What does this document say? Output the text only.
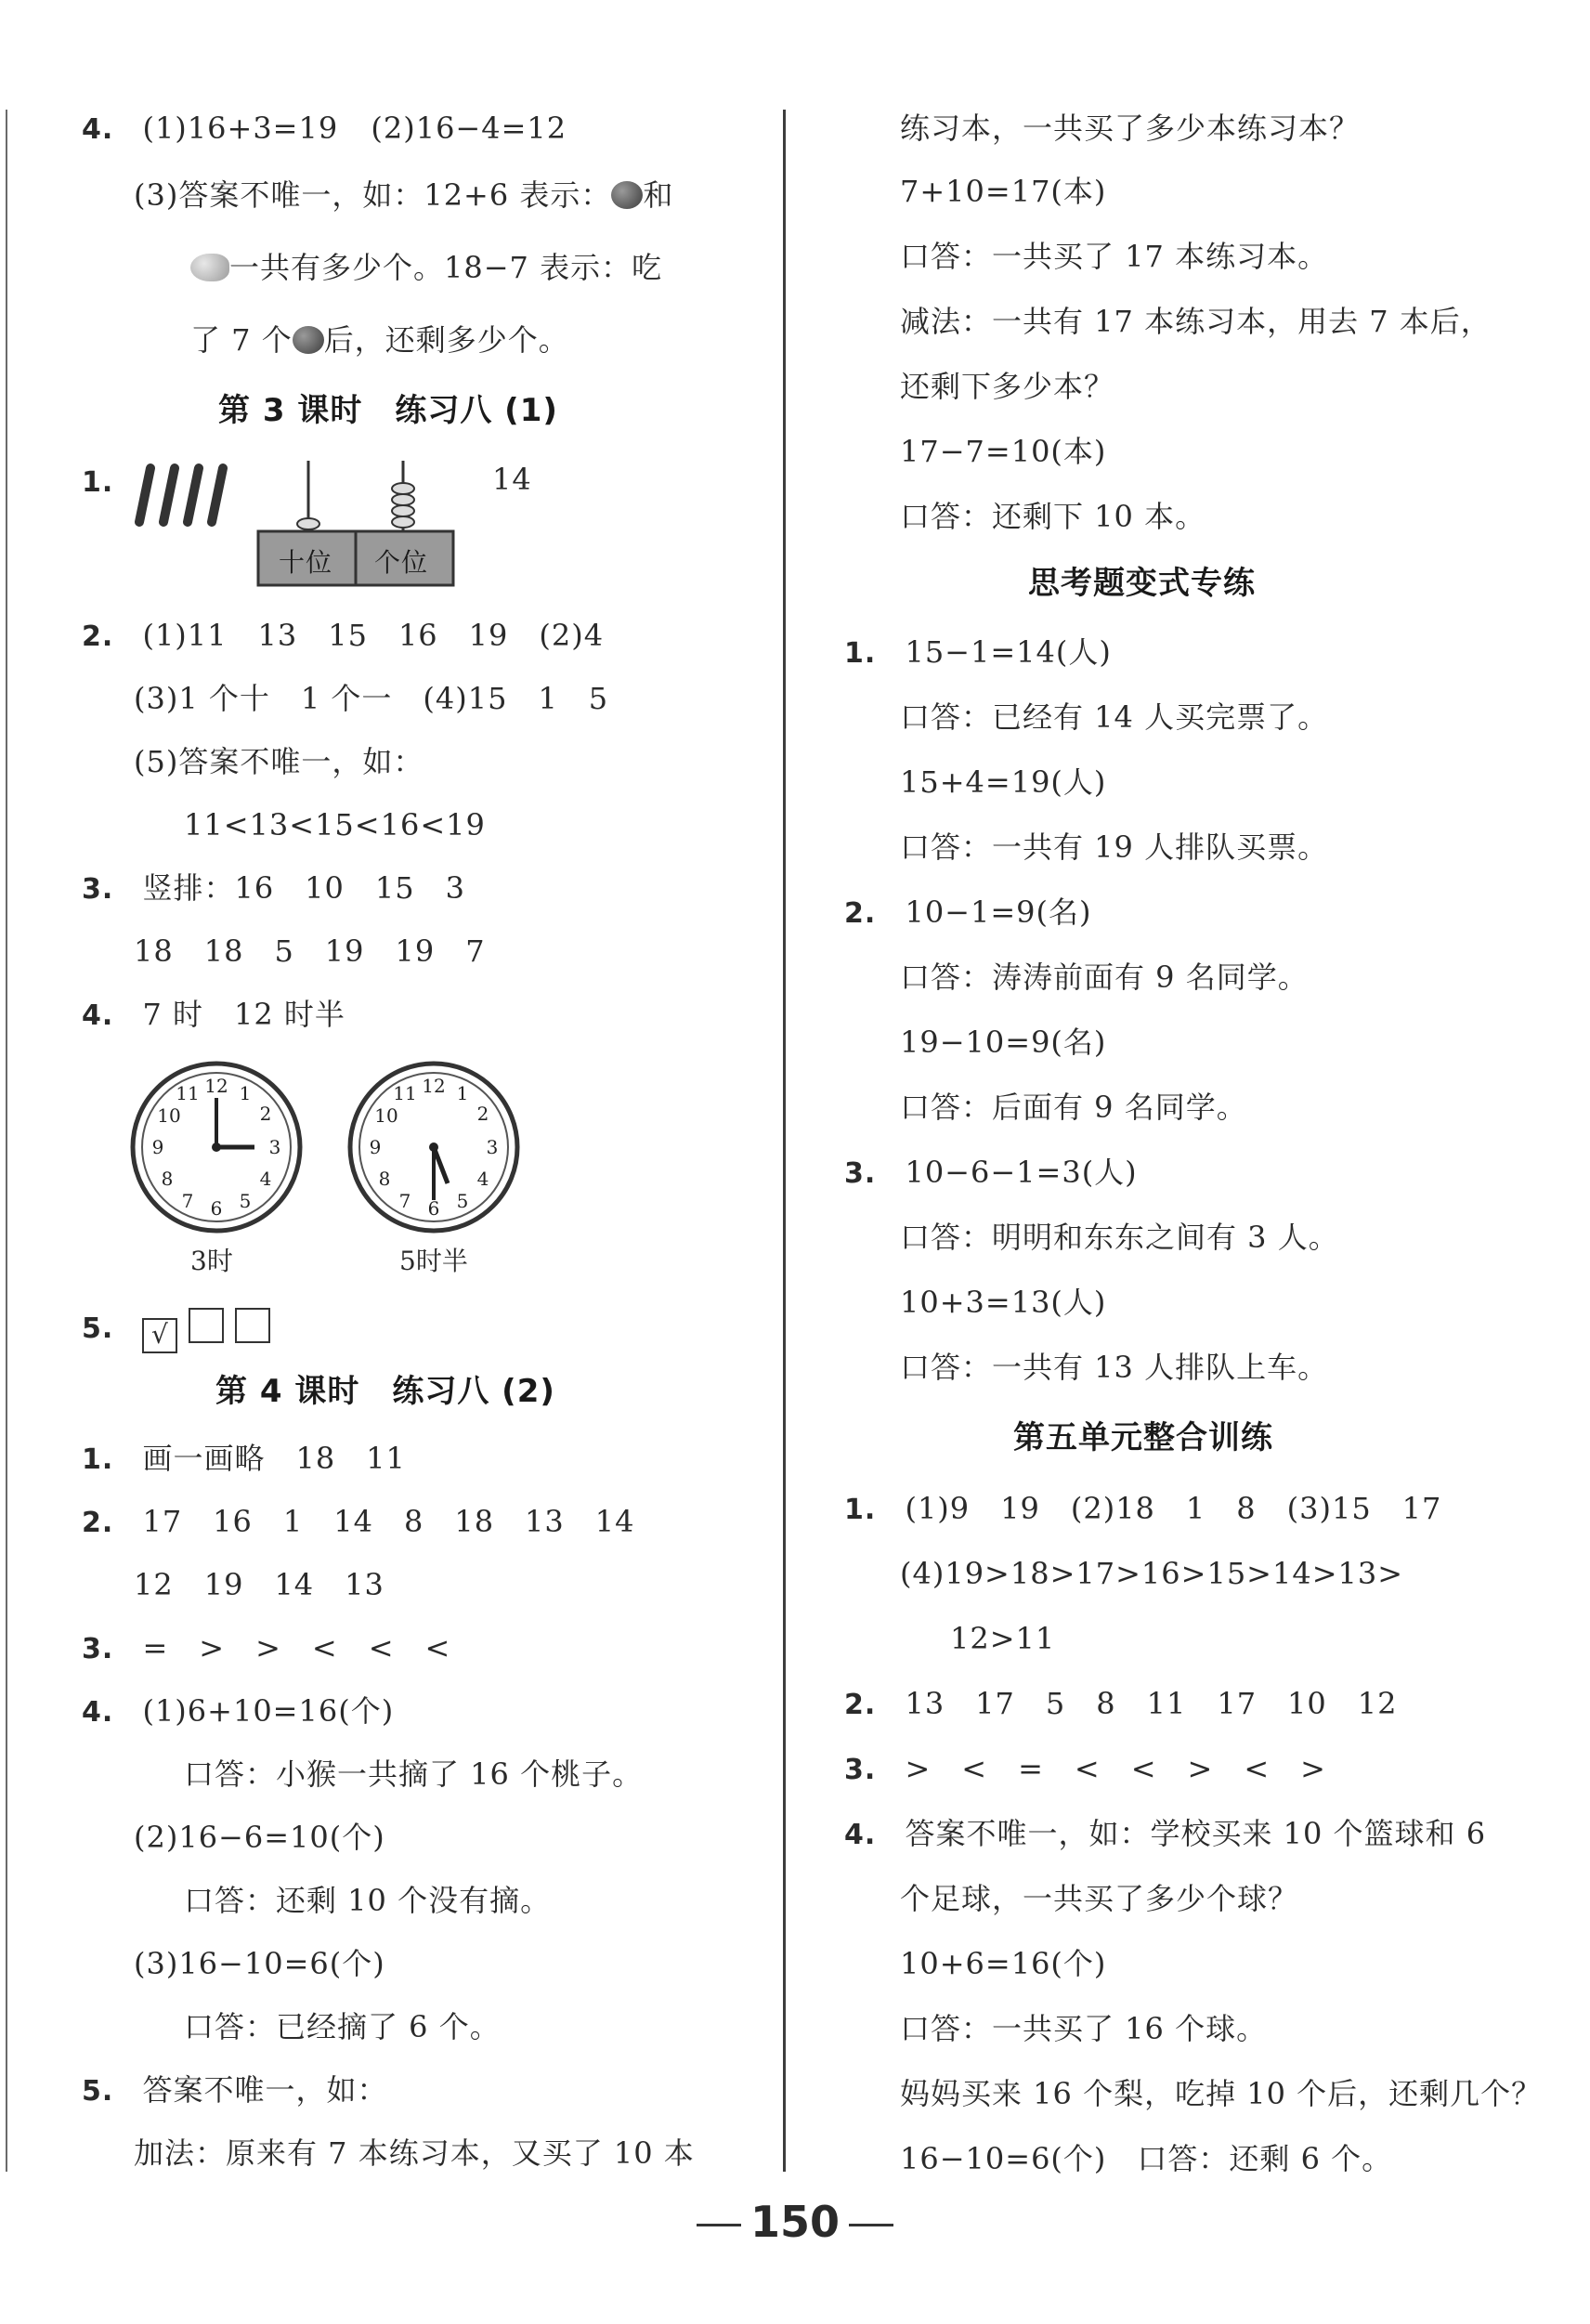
4. (1)16+3=19 (2)16−4=12
(3)答案不唯一，如：12+6 表示： 和
一共有多少个。18−7 表示：吃
了 7 个 后，还剩多少个。
第 3 课时　练习八 (1)
1.
十位 个位
14
2. (1)11　13　15　16　19　(2)4
(3)1 个十　1 个一　(4)15　1　5
(5)答案不唯一，如：
11<13<15<16<19
3. 竖排：16　10　15　3
18　18　5　19　19　7
4. 7 时　12 时半
12 1
2
3
4
5
6
7
8
9
10
11	12 1
2
3
4
5
6
7
8
9
10
11
3时	5时半
5. √
第 4 课时　练习八 (2)
1. 画一画略　18　11
2. 17　16　1　14　8　18　13　14
12　19　14　13
3. =　>　>　<　<　<
4. (1)6+10=16(个)
口答：小猴一共摘了 16 个桃子。
(2)16−6=10(个)
口答：还剩 10 个没有摘。
(3)16−10=6(个)
口答：已经摘了 6 个。
5. 答案不唯一，如：
加法：原来有 7 本练习本，又买了 10 本
练习本，一共买了多少本练习本？
7+10=17(本)
口答：一共买了 17 本练习本。
减法：一共有 17 本练习本，用去 7 本后，
还剩下多少本？
17−7=10(本)
口答：还剩下 10 本。
思考题变式专练
1. 15−1=14(人)
口答：已经有 14 人买完票了。
15+4=19(人)
口答：一共有 19 人排队买票。
2. 10−1=9(名)
口答：涛涛前面有 9 名同学。
19−10=9(名)
口答：后面有 9 名同学。
3. 10−6−1=3(人)
口答：明明和东东之间有 3 人。
10+3=13(人)
口答：一共有 13 人排队上车。
第五单元整合训练
1. (1)9　19　(2)18　1　8　(3)15　17
(4)19>18>17>16>15>14>13>
12>11
2. 13　17　5　8　11　17　10　12
3. >　<　=　<　<　>　<　>
4. 答案不唯一，如：学校买来 10 个篮球和 6
个足球，一共买了多少个球？
10+6=16(个)
口答：一共买了 16 个球。
妈妈买来 16 个梨，吃掉 10 个后，还剩几个？
16−10=6(个)　口答：还剩 6 个。
150
